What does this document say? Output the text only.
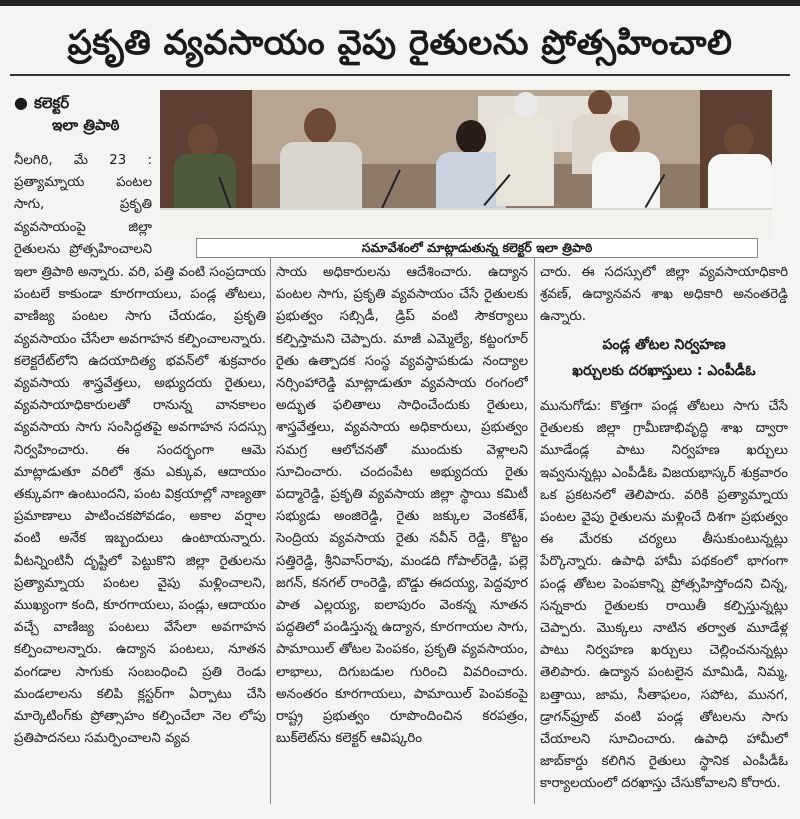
ప్రకృతి వ్యవసాయం వైపు రైతులను ప్రోత్సహించాలి
● కలెక్టర్
ఇలా త్రిపాఠి

నీలగిరి, మే 23 : ప్రత్యామ్నాయ పంటల సాగు, ప్రకృతి వ్యవసాయంపై జిల్లా రైతులను ప్రోత్సహించాలని	సమావేశంలో మాట్లాడుతున్న కలెక్టర్ ఇలా త్రిపాఠి

ఇలా త్రిపాఠి అన్నారు. వరి, పత్తి వంటి సంప్రదాయ పంటలే కాకుండా కూరగాయలు, పండ్ల తోటలు, వాణిజ్య పంటల సాగు చేయడం, ప్రకృతి వ్యవసాయం చేసేలా అవగాహన కల్పించాలన్నారు. కలెక్టరేట్‌లోని ఉదయాదిత్య భవన్‌లో శుక్రవారం వ్యవసాయ శాస్త్రవేత్తలు, అభ్యుదయ రైతులు, వ్యవసాయాధికారులతో రానున్న వానకాలం వ్యవసాయ సాగు సంసిద్ధతపై అవగాహన సదస్సు నిర్వహించారు. ఈ సందర్భంగా ఆమె మాట్లాడుతూ వరిలో శ్రమ ఎక్కువ, ఆదాయం తక్కువగా ఉంటుందని, పంట విక్రయాల్లో నాణ్యతా ప్రమాణాలు పాటించకపోవడం, అకాల వర్షాల వంటి అనేక ఇబ్బందులు ఉంటాయన్నారు. వీటన్నింటినీ దృష్టిలో పెట్టుకొని జిల్లా రైతులను ప్రత్యామ్నాయ పంటల వైపు మళ్లించాలని, ముఖ్యంగా కంది, కూరగాయలు, పండ్లు, ఆదాయం వచ్చే వాణిజ్య పంటలు వేసేలా అవగాహన కల్పించాలన్నారు. ఉద్యాన పంటలు, నూతన వంగడాల సాగుకు సంబంధించి ప్రతి రెండు మండలాలను కలిపి క్లస్టర్‌గా ఏర్పాటు చేసి మార్కెటింగ్‌కు ప్రోత్సాహం కల్పించేలా నెల లోపు ప్రతిపాదనలు సమర్పించాలని వ్యవ

సాయ అధికారులను ఆదేశించారు. ఉద్యాన పంటల సాగు, ప్రకృతి వ్యవసాయం చేసే రైతులకు ప్రభుత్వం సబ్సిడీ, డ్రిప్ వంటి సౌకర్యాలు కల్పిస్తామని చెప్పారు. మాజీ ఎమ్మెల్యే, కట్టంగూర్ రైతు ఉత్పాదక సంస్థ వ్యవస్థాపకుడు నంద్యాల నర్సింహారెడ్డి మాట్లాడుతూ వ్యవసాయ రంగంలో అద్భుత ఫలితాలు సాధించేందుకు రైతులు, శాస్త్రవేత్తలు, వ్యవసాయ అధికారులు, ప్రభుత్వం సమగ్ర ఆలోచనతో ముందుకు వెళ్లాలని సూచించారు. చందంపేట అభ్యుదయ రైతు పద్మారెడ్డి, ప్రకృతి వ్యవసాయ జిల్లా స్థాయి కమిటీ సభ్యుడు అంజిరెడ్డి, రైతు జక్కుల వెంకటేశ్, సెంద్రియ వ్యవసాయ రైతు నవీన్ రెడ్డి, కొట్టం సత్తిరెడ్డి, శ్రీనివాస్‌రావు, మండది గోపాల్‌రెడ్డి, పల్లె జగన్, కనగల్ రాంరెడ్డి, బొడ్డు ఈదయ్య, పెద్దవూర పాత ఎల్లయ్య, ఐలాపురం వెంకన్న నూతన పద్ధతిలో పండిస్తున్న ఉద్యాన, కూరగాయల సాగు, పామాయిల్ తోటల పెంపకం, ప్రకృతి వ్యవసాయం, లాభాలు, దిగుబడుల గురించి వివరించారు. అనంతరం కూరగాయలు, పామాయిల్ పెంపకంపై రాష్ట్ర ప్రభుత్వం రూపొందించిన కరపత్రం, బుక్‌లెట్‌ను కలెక్టర్ ఆవిష్కరిం

చారు. ఈ సదస్సులో జిల్లా వ్యవసాయాధికారి శ్రవణ్, ఉద్యానవన శాఖ అధికారి అనంతరెడ్డి ఉన్నారు.

పండ్ల తోటల నిర్వహణ
ఖర్చులకు దరఖాస్తులు : ఎంపీడీఓ

మునుగోడు: కొత్తగా పండ్ల తోటలు సాగు చేసే రైతులకు జిల్లా గ్రామీణాభివృద్ధి శాఖ ద్వారా మూడేండ్ల పాటు నిర్వహణ ఖర్చులు ఇవ్వనున్నట్లు ఎంపీడీఓ విజయభాస్కర్ శుక్రవారం ఒక ప్రకటనలో తెలిపారు. వరికి ప్రత్యామ్నాయ పంటల వైపు రైతులను మళ్లించే దిశగా ప్రభుత్వం ఈ మేరకు చర్యలు తీసుకుంటున్నట్లు పేర్కొన్నారు. ఉపాధి హామీ పథకంలో భాగంగా పండ్ల తోటల పెంపకాన్ని ప్రోత్సహిస్తోందని చిన్న, సన్నకారు రైతులకు రాయితీ కల్పిస్తున్నట్లు చెప్పారు. మొక్కలు నాటిన తర్వాత మూడేళ్ల పాటు నిర్వహణ ఖర్చులు చెల్లించనున్నట్లు తెలిపారు. ఉద్యాన పంటలైన మామిడి, నిమ్మ, బత్తాయి, జామ, సీతాఫలం, సపోట, మునగ, డ్రాగన్‌ఫ్రూట్ వంటి పండ్ల తోటలను సాగు చేయాలని సూచించారు. ఉపాధి హామీలో జాబ్‌కార్డు కలిగిన రైతులు స్థానిక ఎంపీడీఓ కార్యాలయంలో దరఖాస్తు చేసుకోవాలని కోరారు.
